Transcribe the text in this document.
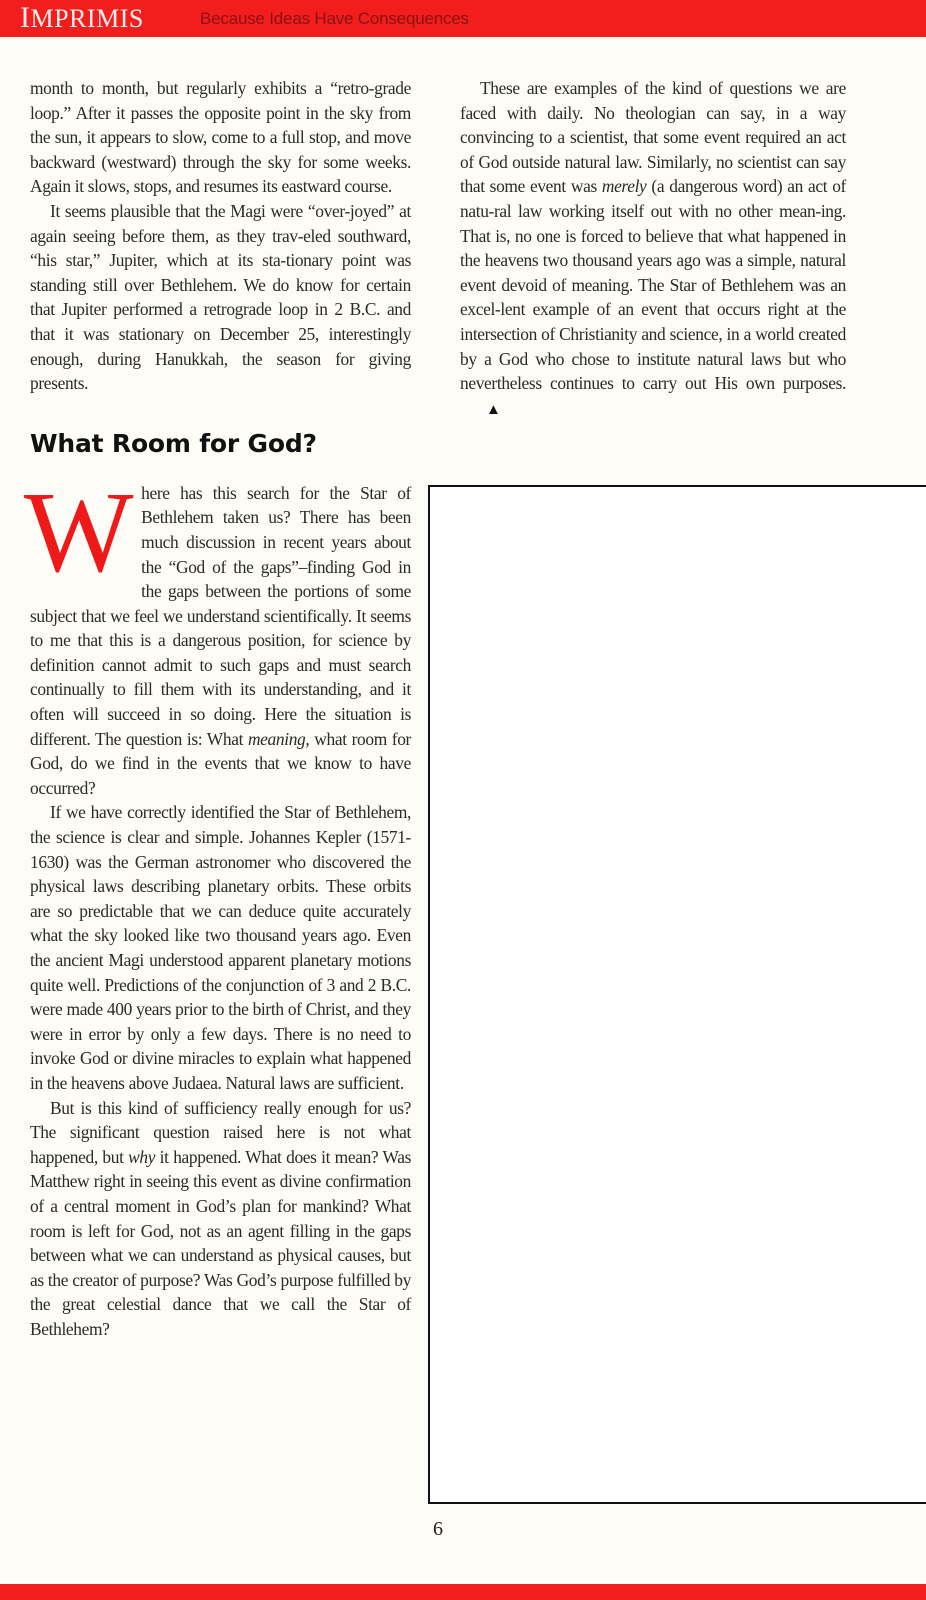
IMPRIMIS	Because Ideas Have Consequences

month to month, but regularly exhibits a “retro-grade loop.” After it passes the opposite point in the sky from the sun, it appears to slow, come to a full stop, and move backward (westward) through the sky for some weeks. Again it slows, stops, and resumes its eastward course.

It seems plausible that the Magi were “over-joyed” at again seeing before them, as they trav-eled southward, “his star,” Jupiter, which at its sta-tionary point was standing still over Bethlehem. We do know for certain that Jupiter performed a retrograde loop in 2 B.C. and that it was stationary on December 25, interestingly enough, during Hanukkah, the season for giving presents.

What Room for God?

Where has this search for the Star of Bethlehem taken us? There has been much discussion in recent years about the “God of the gaps”–finding God in the gaps between the portions of some subject that we feel we understand scientifically. It seems to me that this is a dangerous position, for science by definition cannot admit to such gaps and must search continually to fill them with its understanding, and it often will succeed in so doing. Here the situation is different. The question is: What meaning, what room for God, do we find in the events that we know to have occurred?

If we have correctly identified the Star of Bethlehem, the science is clear and simple. Johannes Kepler (1571-1630) was the German astronomer who discovered the physical laws describing planetary orbits. These orbits are so predictable that we can deduce quite accurately what the sky looked like two thousand years ago. Even the ancient Magi understood apparent planetary motions quite well. Predictions of the conjunction of 3 and 2 B.C. were made 400 years prior to the birth of Christ, and they were in error by only a few days. There is no need to invoke God or divine miracles to explain what happened in the heavens above Judaea. Natural laws are sufficient.

But is this kind of sufficiency really enough for us? The significant question raised here is not what happened, but why it happened. What does it mean? Was Matthew right in seeing this event as divine confirmation of a central moment in God’s plan for mankind? What room is left for God, not as an agent filling in the gaps between what we can understand as physical causes, but as the creator of purpose? Was God’s purpose fulfilled by the great celestial dance that we call the Star of Bethlehem?

These are examples of the kind of questions we are faced with daily. No theologian can say, in a way convincing to a scientist, that some event required an act of God outside natural law. Similarly, no scientist can say that some event was merely (a dangerous word) an act of natu-ral law working itself out with no other mean-ing. That is, no one is forced to believe that what happened in the heavens two thousand years ago was a simple, natural event devoid of meaning. The Star of Bethlehem was an excel-lent example of an event that occurs right at the intersection of Christianity and science, in a world created by a God who chose to institute natural laws but who nevertheless continues to carry out His own purposes.▲

6
